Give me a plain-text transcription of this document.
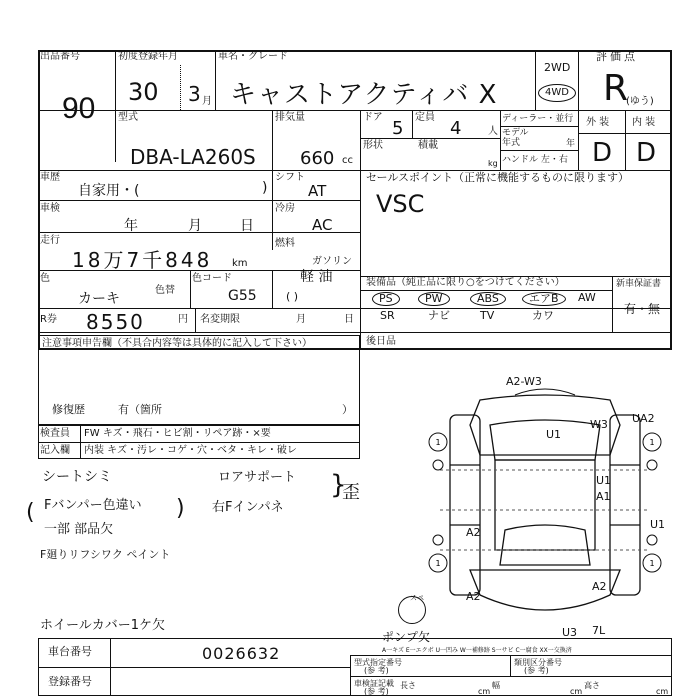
出品番号
90
初度登録年月
30 3 月
車名・グレード
キャストアクティバ X
2WD
4WD
評価点
R
(ゆう)
型式
DBA-LA260S
排気量
660 cc
ドア
5
定員
4	人
形状	積載
kg
ディーラー・並行
モデル
年式	年
ハンドル 左・右
外 装 内 装
D D
車歴
自家用・(	)
シフト
AT
車検
年	月	日
冷房
AC
走行
18万7千848 km
燃料
ガソリン
軽 油
色
カーキ
色替
色コード
G55	( )
R券 8550	円 名変期限	月	日
セールスポイント（正常に機能するものに限ります）
VSC
装備品（純正品に限り○をつけてください）	新車保証書
有・無
PS	PW	ABS	エアB	AW
SR	ナビ	TV	カワ
後日品
注意事項申告欄（不具合内容等は具体的に記入して下さい）
修復歴	有（箇所	）
検査員 FW キズ・飛石・ヒビ割・リペア跡・×要
記入欄 内装 キズ・汚レ・コゲ・穴・ベタ・キレ・破レ
シートシミ
Fバンパー色違い
一部 部品欠
F廻りリフシワク ペイント
ロアサポート
右Fインパネ
歪
ホイールカバー1ケ欠
(	)
}
1	1
1	1
A2-W3
W3 UA2
U1
U1
A1
U1
A2
A2
A2
U3 7L
スペ
ポンプ欠
A一キズ E一エクボ U一凹み W一補修跡 S一サビ C一腐食 XX一交換済
車台番号	0026632
登録番号
型式指定番号
(参 考)
類別区分番号
(参 考)
車検証記載
(参 考)
長さ	幅	高さ
cm	cm	cm
